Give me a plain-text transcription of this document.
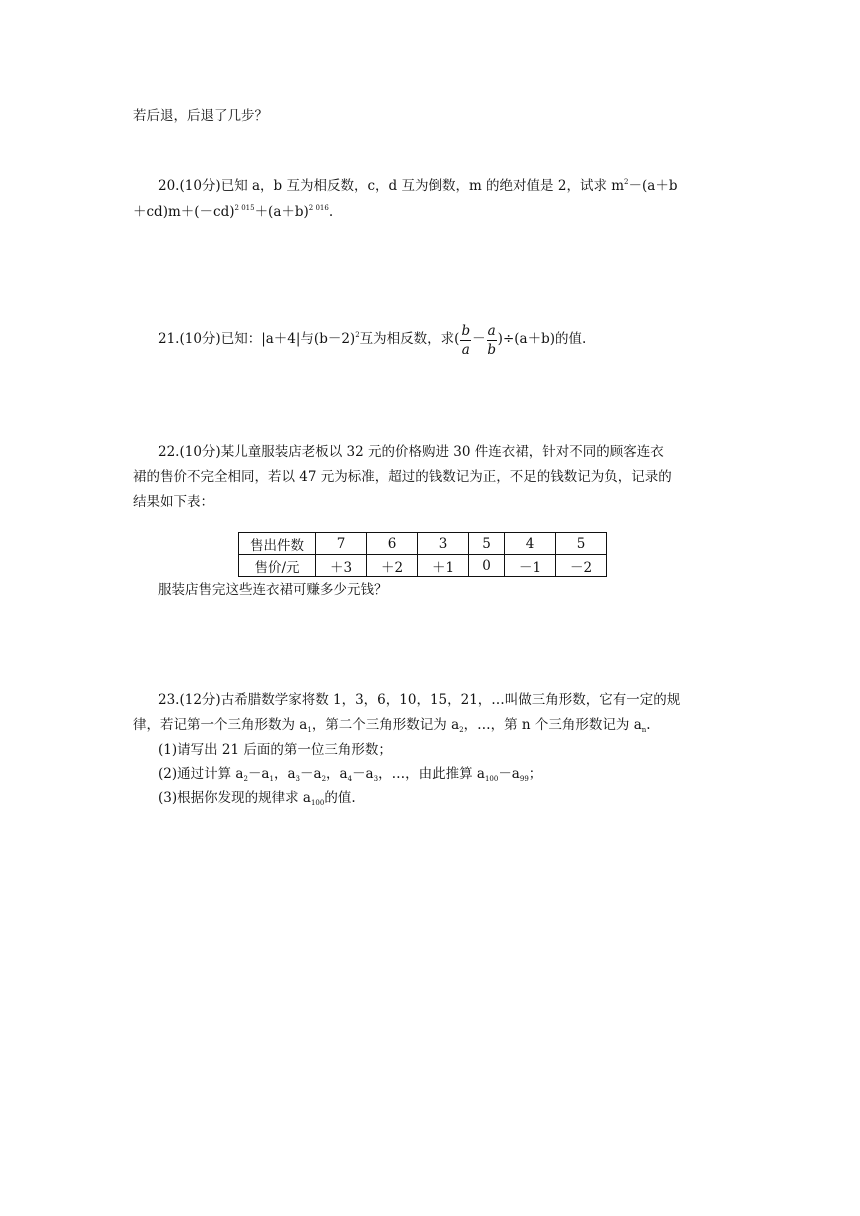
若后退，后退了几步？
20.(10分)已知 a，b 互为相反数，c，d 互为倒数，m 的绝对值是 2，试求 $m^2-(a+b$
$+cd)m+(-cd)^{2 015}+(a+b)^{2 016}$.
21.(10分)已知：|a＋4|与$(b-2)^2$互为相反数，求( $\frac{b}{a} - \frac{a}{b} )\div(a+b)$的值.
22.(10分)某儿童服装店老板以 32 元的价格购进 30 件连衣裙，针对不同的顾客连衣
裙的售价不完全相同，若以 47 元为标准，超过的钱数记为正，不足的钱数记为负，记录的
结果如下表：
售出件数	7	6	3	5	4	5
售价/元	＋3	＋2	＋1	0	－1	－2
服装店售完这些连衣裙可赚多少元钱？
23.(12分)古希腊数学家将数 1，3，6，10，15，21，…叫做三角形数，它有一定的规
律，若记第一个三角形数为 $a_1$，第二个三角形数记为 $a_2$，…，第 n 个三角形数记为 $a_n$.
(1)请写出 21 后面的第一位三角形数；
(2)通过计算 $a_2-a_1$，$a_3-a_2$，$a_4-a_3$，…，由此推算 $a_{100}-a_{99}$；
(3)根据你发现的规律求 $a_{100}$的值.
